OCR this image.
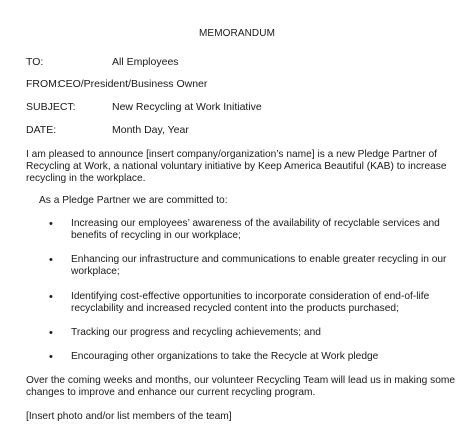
MEMORANDUM
TO:	All Employees
FROM:
CEO/President/Business Owner
SUBJECT:	New Recycling at Work Initiative
DATE:	Month Day, Year
I am pleased to announce [insert company/organization’s name] is a new Pledge Partner of Recycling at Work, a national voluntary initiative by Keep America Beautiful (KAB) to increase recycling in the workplace.
As a Pledge Partner we are committed to:
• Increasing our employees’ awareness of the availability of recyclable services and benefits of recycling in our workplace;
• Enhancing our infrastructure and communications to enable greater recycling in our workplace;
• Identifying cost-effective opportunities to incorporate consideration of end-of-life recyclability and increased recycled content into the products purchased;
• Tracking our progress and recycling achievements; and
• Encouraging other organizations to take the Recycle at Work pledge
Over the coming weeks and months, our volunteer Recycling Team will lead us in making some changes to improve and enhance our current recycling program.
[Insert photo and/or list members of the team]
